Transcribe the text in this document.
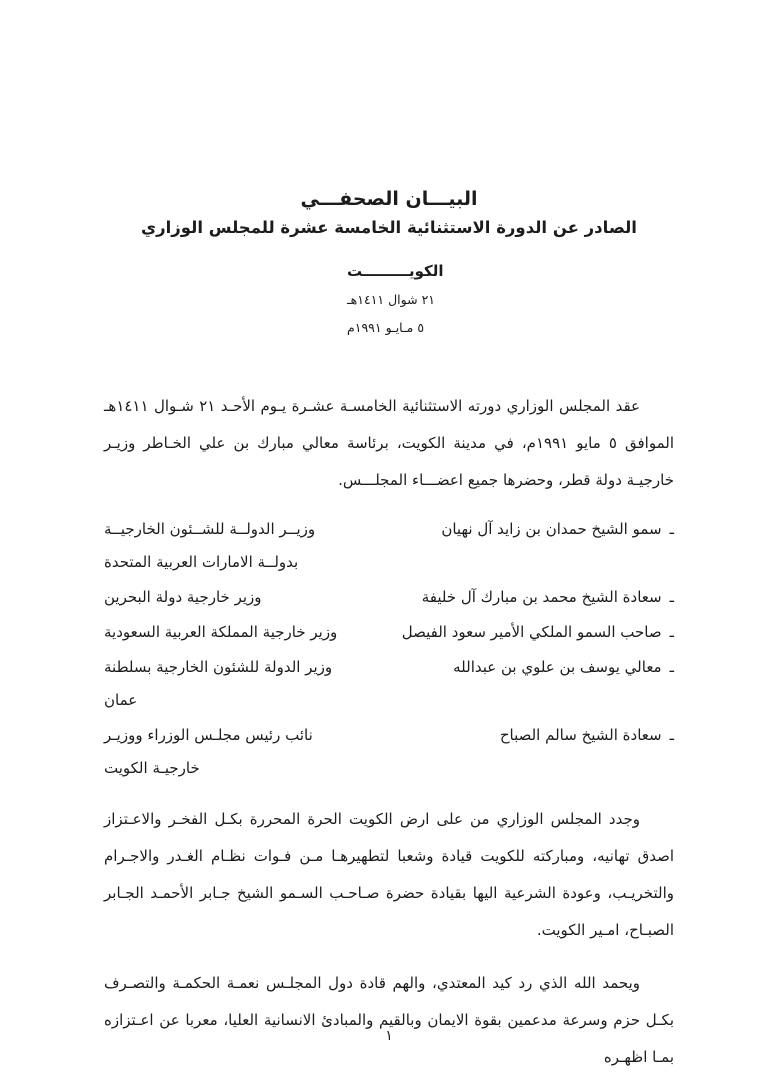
البيـــان الصحفـــي
الصادر عن الدورة الاستثنائية الخامسة عشرة للمجلس الوزاري
الكويـــــــــت
٢١ شوال ١٤١١هـ
٥ مـايـو ١٩٩١م

عقد المجلس الوزاري دورته الاستثنائية الخامسـة عشـرة يـوم الأحـد ٢١ شـوال ١٤١١هـ الموافق ٥ مايو ١٩٩١م، في مدينة الكويت، برئاسة معالي مبارك بن علي الخـاطر وزيـر خارجيـة دولة قطر، وحضرها جميع اعضـــاء المجلـــس.

ـسمو الشيخ حمدان بن زايد آل نهيان
وزيــر الدولــة للشــئون الخارجيــة بدولــة الامارات العربية المتحدة
ـسعادة الشيخ محمد بن مبارك آل خليفة
وزير خارجية دولة البحرين
ـصاحب السمو الملكي الأمير سعود الفيصل
وزير خارجية المملكة العربية السعودية
ـمعالي يوسف بن علوي بن عبدالله
وزير الدولة للشئون الخارجية بسلطنة عمان
ـسعادة الشيخ سالم الصباح
نائب رئيس مجلـس الوزراء ووزيـر خارجيـة الكويت

وجدد المجلس الوزاري من على ارض الكويت الحرة المحررة بكـل الفخـر والاعـتزاز اصدق تهانيه، ومباركته للكويت قيادة وشعبا لتطهيرهـا مـن فـوات نظـام الغـدر والاجـرام والتخريـب، وعودة الشرعية اليها بقيادة حضرة صـاحـب السـمو الشيخ جـابر الأحمـد الجـابر الصبـاح، امـير الكويت.

ويحمد الله الذي رد كيد المعتدي، والهم قادة دول المجلـس نعمـة الحكمـة والتصـرف بكـل حزم وسرعة مدعمين بقوة الايمان وبالقيم والمبادئ الانسانية العليا، معربا عن اعـتزازه بمـا اظهـره

١
